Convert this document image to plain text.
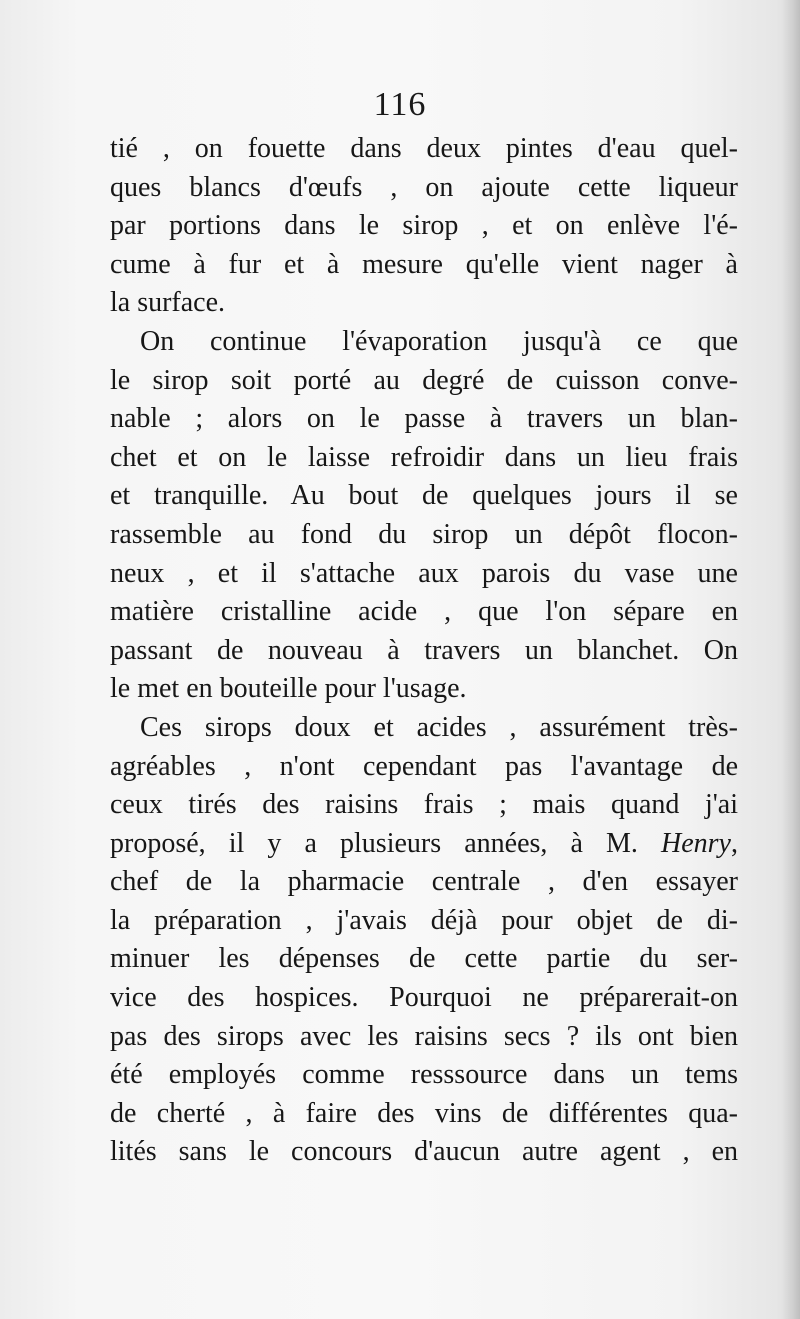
116
tié , on fouette dans deux pintes d'eau quel-
ques blancs d'œufs , on ajoute cette liqueur
par portions dans le sirop , et on enlève l'é-
cume à fur et à mesure qu'elle vient nager à
la surface.
On continue l'évaporation jusqu'à ce que
le sirop soit porté au degré de cuisson conve-
nable ; alors on le passe à travers un blan-
chet et on le laisse refroidir dans un lieu frais
et tranquille. Au bout de quelques jours il se
rassemble au fond du sirop un dépôt flocon-
neux , et il s'attache aux parois du vase une
matière cristalline acide , que l'on sépare en
passant de nouveau à travers un blanchet. On
le met en bouteille pour l'usage.
Ces sirops doux et acides , assurément très-
agréables , n'ont cependant pas l'avantage de
ceux tirés des raisins frais ; mais quand j'ai
proposé, il y a plusieurs années, à M. Henry,
chef de la pharmacie centrale , d'en essayer
la préparation , j'avais déjà pour objet de di-
minuer les dépenses de cette partie du ser-
vice des hospices. Pourquoi ne préparerait-on
pas des sirops avec les raisins secs ? ils ont bien
été employés comme resssource dans un tems
de cherté , à faire des vins de différentes qua-
lités sans le concours d'aucun autre agent , en
